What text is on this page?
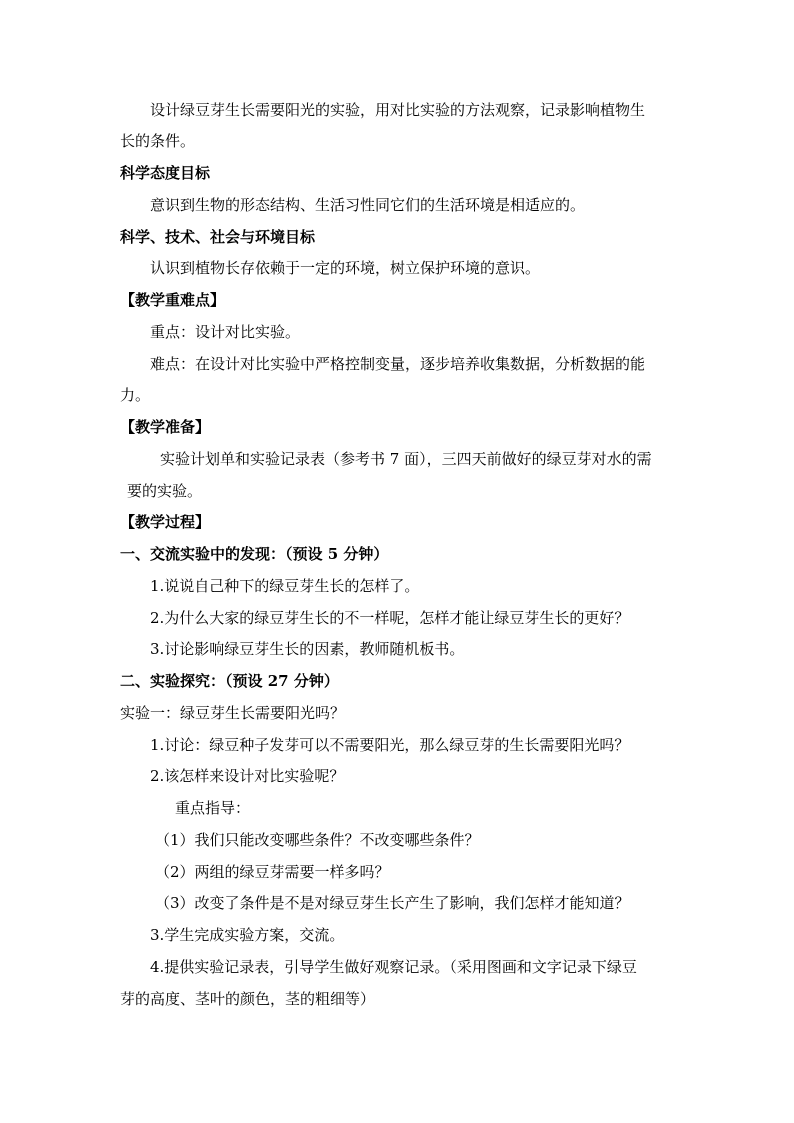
设计绿豆芽生长需要阳光的实验，用对比实验的方法观察，记录影响植物生
长的条件。
科学态度目标
意识到生物的形态结构、生活习性同它们的生活环境是相适应的。
科学、技术、社会与环境目标
认识到植物长存依赖于一定的环境，树立保护环境的意识。
【教学重难点】
重点：设计对比实验。
难点：在设计对比实验中严格控制变量，逐步培养收集数据，分析数据的能
力。
【教学准备】
实验计划单和实验记录表（参考书 7 面），三四天前做好的绿豆芽对水的需
要的实验。
【教学过程】
一、交流实验中的发现：（预设 5 分钟）
1.说说自己种下的绿豆芽生长的怎样了。
2.为什么大家的绿豆芽生长的不一样呢，怎样才能让绿豆芽生长的更好？
3.讨论影响绿豆芽生长的因素，教师随机板书。
二、实验探究：（预设 27 分钟）
实验一：绿豆芽生长需要阳光吗？
1.讨论：绿豆种子发芽可以不需要阳光，那么绿豆芽的生长需要阳光吗？
2.该怎样来设计对比实验呢？
重点指导：
（1）我们只能改变哪些条件？不改变哪些条件？
（2）两组的绿豆芽需要一样多吗？
（3）改变了条件是不是对绿豆芽生长产生了影响，我们怎样才能知道？
3.学生完成实验方案，交流。
4.提供实验记录表，引导学生做好观察记录。（采用图画和文字记录下绿豆
芽的高度、茎叶的颜色，茎的粗细等）
